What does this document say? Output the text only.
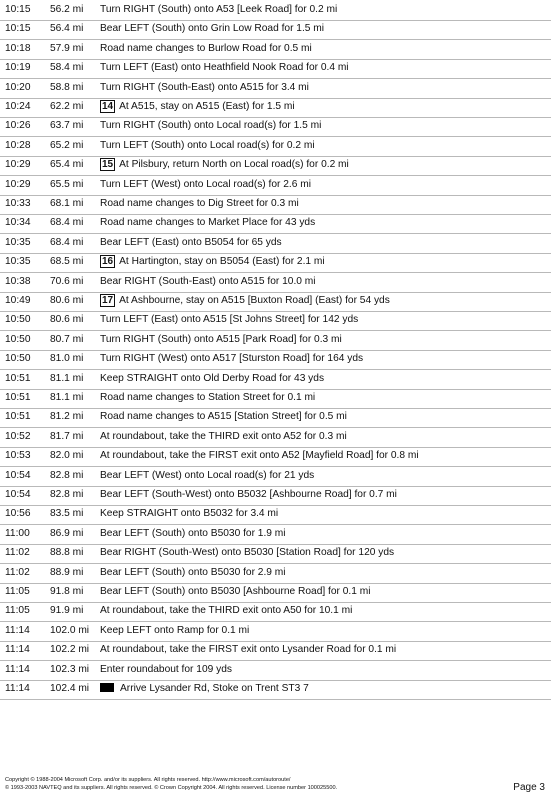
10:15 56.2 mi Turn RIGHT (South) onto A53 [Leek Road] for 0.2 mi
10:15 56.4 mi Bear LEFT (South) onto Grin Low Road for 1.5 mi
10:18 57.9 mi Road name changes to Burlow Road for 0.5 mi
10:19 58.4 mi Turn LEFT (East) onto Heathfield Nook Road for 0.4 mi
10:20 58.8 mi Turn RIGHT (South-East) onto A515 for 3.4 mi
10:24 62.2 mi 14 At A515, stay on A515 (East) for 1.5 mi
10:26 63.7 mi Turn RIGHT (South) onto Local road(s) for 1.5 mi
10:28 65.2 mi Turn LEFT (South) onto Local road(s) for 0.2 mi
10:29 65.4 mi 15 At Pilsbury, return North on Local road(s) for 0.2 mi
10:29 65.5 mi Turn LEFT (West) onto Local road(s) for 2.6 mi
10:33 68.1 mi Road name changes to Dig Street for 0.3 mi
10:34 68.4 mi Road name changes to Market Place for 43 yds
10:35 68.4 mi Bear LEFT (East) onto B5054 for 65 yds
10:35 68.5 mi 16 At Hartington, stay on B5054 (East) for 2.1 mi
10:38 70.6 mi Bear RIGHT (South-East) onto A515 for 10.0 mi
10:49 80.6 mi 17 At Ashbourne, stay on A515 [Buxton Road] (East) for 54 yds
10:50 80.6 mi Turn LEFT (East) onto A515 [St Johns Street] for 142 yds
10:50 80.7 mi Turn RIGHT (South) onto A515 [Park Road] for 0.3 mi
10:50 81.0 mi Turn RIGHT (West) onto A517 [Sturston Road] for 164 yds
10:51 81.1 mi Keep STRAIGHT onto Old Derby Road for 43 yds
10:51 81.1 mi Road name changes to Station Street for 0.1 mi
10:51 81.2 mi Road name changes to A515 [Station Street] for 0.5 mi
10:52 81.7 mi At roundabout, take the THIRD exit onto A52 for 0.3 mi
10:53 82.0 mi At roundabout, take the FIRST exit onto A52 [Mayfield Road] for 0.8 mi
10:54 82.8 mi Bear LEFT (West) onto Local road(s) for 21 yds
10:54 82.8 mi Bear LEFT (South-West) onto B5032 [Ashbourne Road] for 0.7 mi
10:56 83.5 mi Keep STRAIGHT onto B5032 for 3.4 mi
11:00 86.9 mi Bear LEFT (South) onto B5030 for 1.9 mi
11:02 88.8 mi Bear RIGHT (South-West) onto B5030 [Station Road] for 120 yds
11:02 88.9 mi Bear LEFT (South) onto B5030 for 2.9 mi
11:05 91.8 mi Bear LEFT (South) onto B5030 [Ashbourne Road] for 0.1 mi
11:05 91.9 mi At roundabout, take the THIRD exit onto A50 for 10.1 mi
11:14 102.0 mi Keep LEFT onto Ramp for 0.1 mi
11:14 102.2 mi At roundabout, take the FIRST exit onto Lysander Road for 0.1 mi
11:14 102.3 mi Enter roundabout for 109 yds
11:14 102.4 mi	Arrive Lysander Rd, Stoke on Trent ST3 7
Copyright © 1988-2004 Microsoft Corp. and/or its suppliers. All rights reserved. http://www.microsoft.com/autoroute/
© 1993-2003 NAVTEQ and its suppliers. All rights reserved. © Crown Copyright 2004. All rights reserved. License number 100025500.	Page 3
